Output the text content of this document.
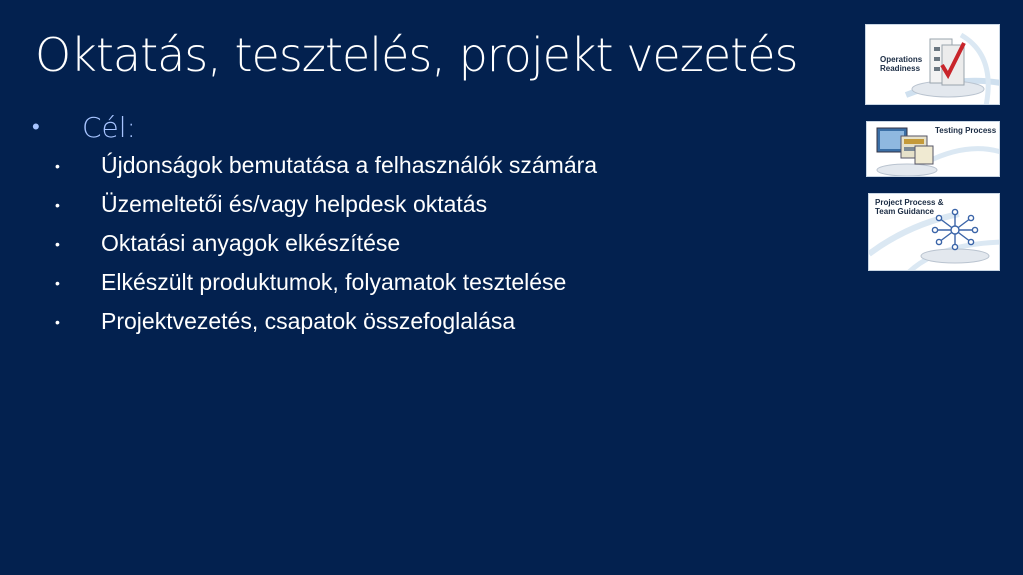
Oktatás, tesztelés, projekt vezetés
• Cél:
• Újdonságok bemutatása a felhasználók számára
• Üzemeltetői és/vagy helpdesk oktatás
• Oktatási anyagok elkészítése
• Elkészült produktumok, folyamatok tesztelése
• Projektvezetés, csapatok összefoglalása
Operations
Readiness
Testing Process
Project Process &
Team Guidance
